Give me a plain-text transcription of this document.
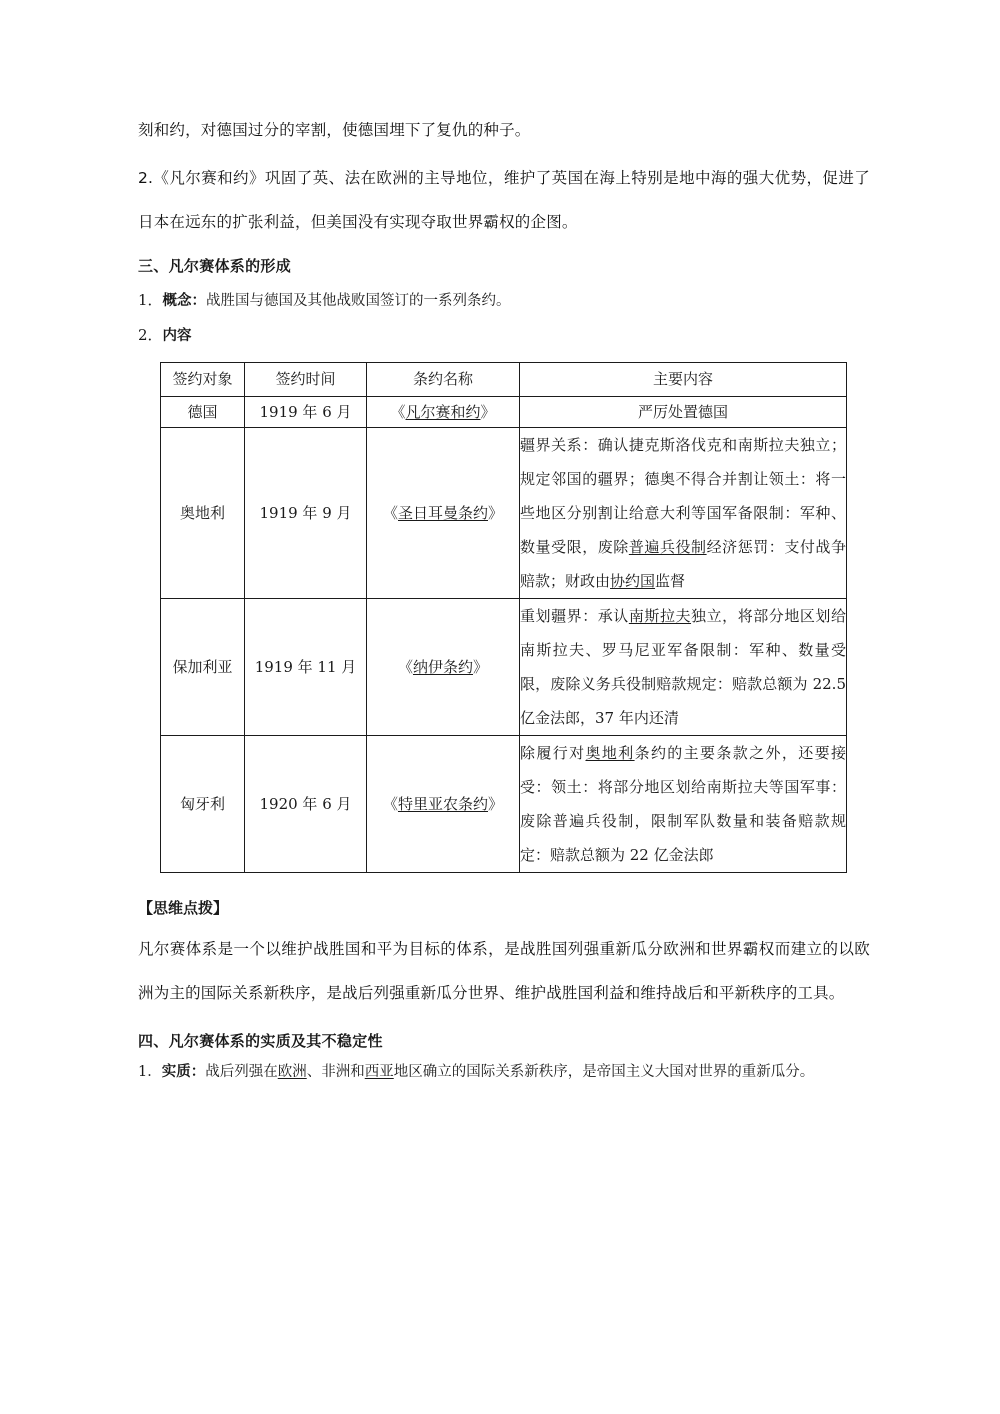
刻和约，对德国过分的宰割，使德国埋下了复仇的种子。

2.《凡尔赛和约》巩固了英、法在欧洲的主导地位，维护了英国在海上特别是地中海的强大优势，促进了日本在远东的扩张利益，但美国没有实现夺取世界霸权的企图。

三、凡尔赛体系的形成
1．概念：战胜国与德国及其他战败国签订的一系列条约。
2．内容
签约对象	签约时间	条约名称	主要内容
德国	1919 年 6 月	《凡尔赛和约》	严厉处置德国
奥地利	1919 年 9 月	《圣日耳曼条约》	疆界关系：确认捷克斯洛伐克和南斯拉夫独立；规定邻国的疆界；德奥不得合并割让领土：将一些地区分别割让给意大利等国军备限制：军种、数量受限，废除普遍兵役制经济惩罚：支付战争赔款；财政由协约国监督
保加利亚	1919 年 11 月	《纳伊条约》	重划疆界：承认南斯拉夫独立，将部分地区划给南斯拉夫、罗马尼亚军备限制：军种、数量受限，废除义务兵役制赔款规定：赔款总额为 22.5 亿金法郎，37 年内还清
匈牙利	1920 年 6 月	《特里亚农条约》	除履行对奥地利条约的主要条款之外，还要接受：领土：将部分地区划给南斯拉夫等国军事：废除普遍兵役制，限制军队数量和装备赔款规定：赔款总额为 22 亿金法郎
【思维点拨】

凡尔赛体系是一个以维护战胜国和平为目标的体系，是战胜国列强重新瓜分欧洲和世界霸权而建立的以欧洲为主的国际关系新秩序，是战后列强重新瓜分世界、维护战胜国利益和维持战后和平新秩序的工具。

四、凡尔赛体系的实质及其不稳定性
1．实质：战后列强在欧洲、非洲和西亚地区确立的国际关系新秩序，是帝国主义大国对世界的重新瓜分。
